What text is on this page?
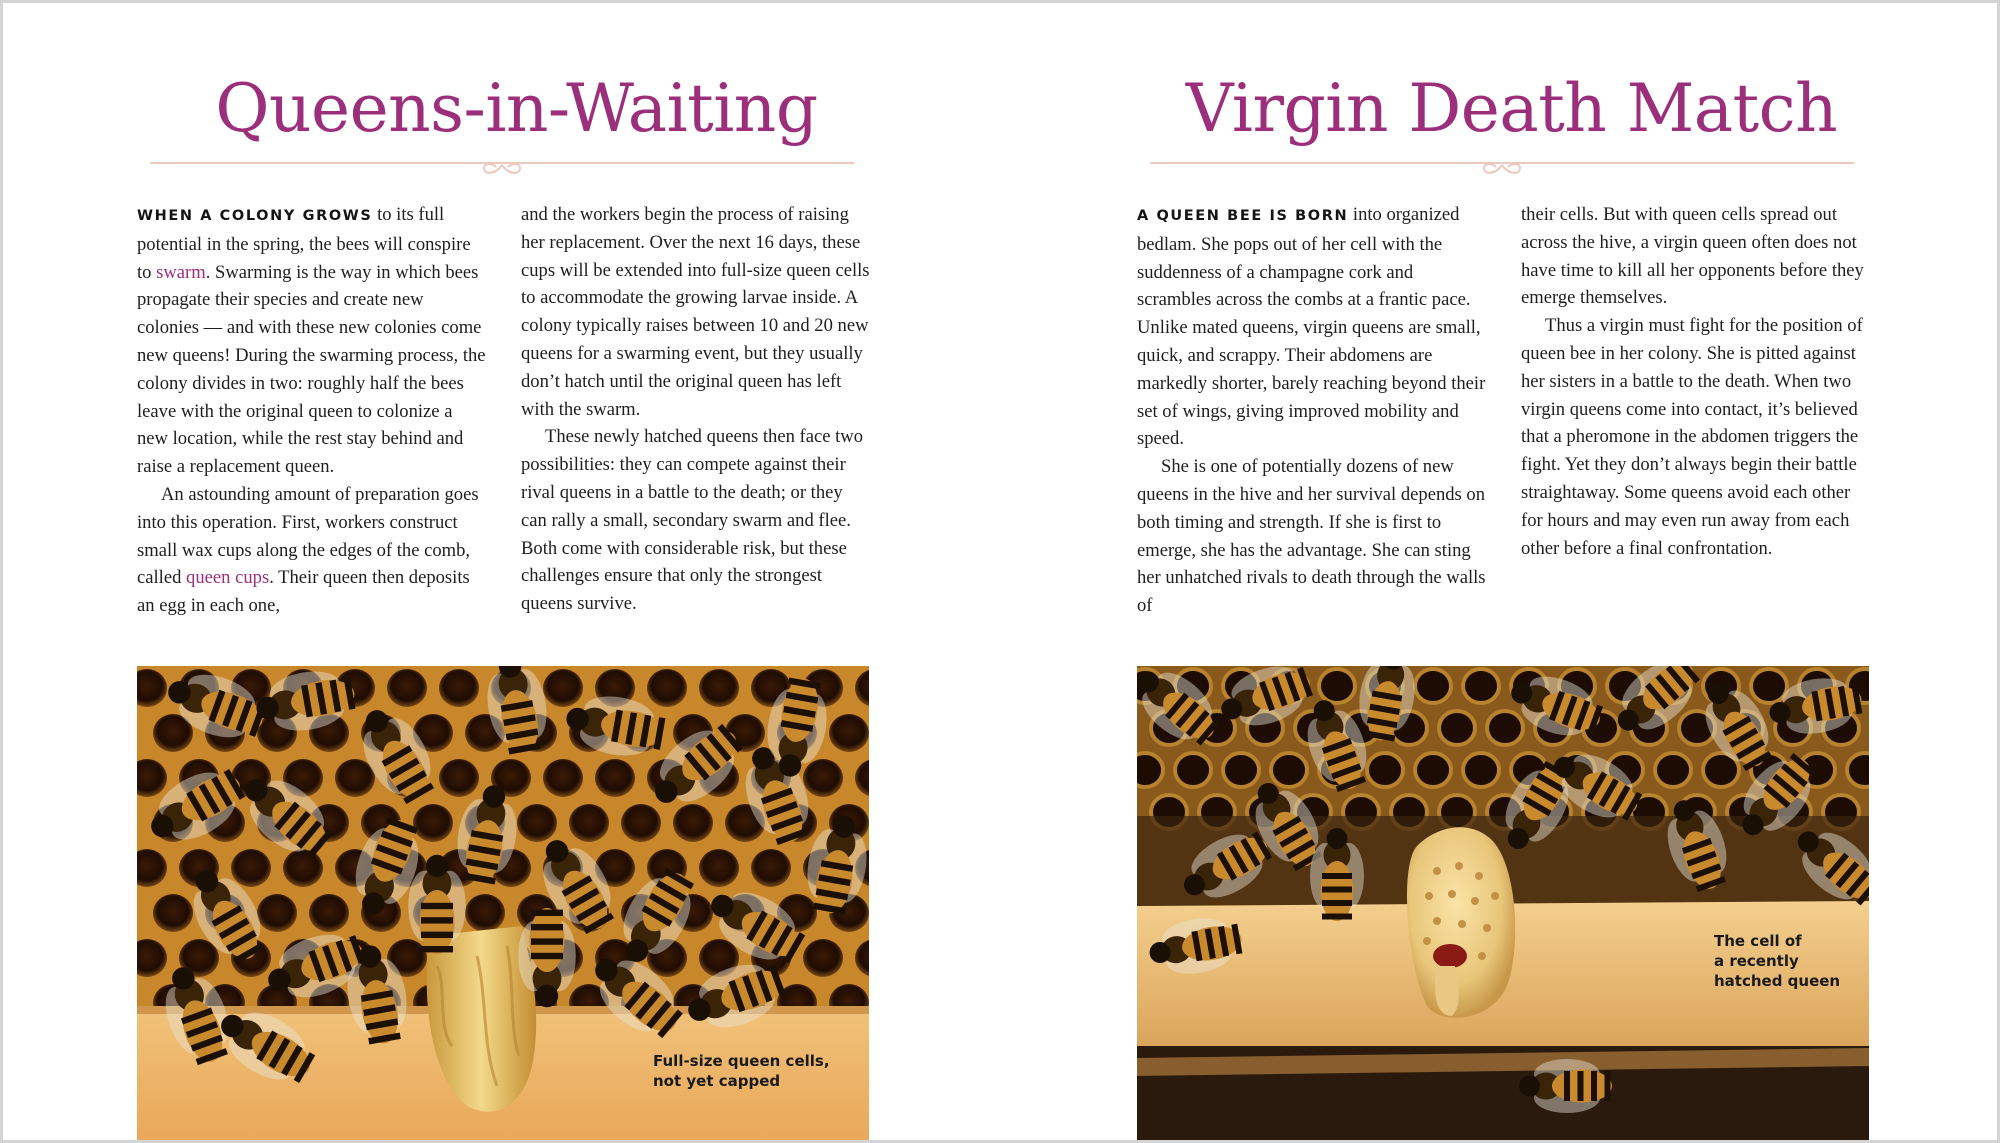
Queens-in-Waiting

WHEN A COLONY GROWS to its full potential in the spring, the bees will conspire to swarm. Swarming is the way in which bees propagate their species and create new colonies — and with these new colonies come new queens! During the swarming process, the colony divides in two: roughly half the bees leave with the original queen to colonize a new location, while the rest stay behind and raise a replacement queen.

An astounding amount of preparation goes into this operation. First, workers construct small wax cups along the edges of the comb, called queen cups. Their queen then deposits an egg in each one,

and the workers begin the process of raising her replacement. Over the next 16 days, these cups will be extended into full-size queen cells to accommodate the growing larvae inside. A colony typically raises between 10 and 20 new queens for a swarming event, but they usually don’t hatch until the original queen has left with the swarm.

These newly hatched queens then face two possibilities: they can compete against their rival queens in a battle to the death; or they can rally a small, secondary swarm and flee. Both come with considerable risk, but these challenges ensure that only the strongest queens survive.

Full-size queen cells,
not yet capped
Virgin Death Match

A QUEEN BEE IS BORN into organized bedlam. She pops out of her cell with the suddenness of a champagne cork and scrambles across the combs at a frantic pace. Unlike mated queens, virgin queens are small, quick, and scrappy. Their abdomens are markedly shorter, barely reaching beyond their set of wings, giving improved mobility and speed.

She is one of potentially dozens of new queens in the hive and her survival depends on both timing and strength. If she is first to emerge, she has the advantage. She can sting her unhatched rivals to death through the walls of

their cells. But with queen cells spread out across the hive, a virgin queen often does not have time to kill all her opponents before they emerge themselves.

Thus a virgin must fight for the position of queen bee in her colony. She is pitted against her sisters in a battle to the death. When two virgin queens come into contact, it’s believed that a pheromone in the abdomen triggers the fight. Yet they don’t always begin their battle straightaway. Some queens avoid each other for hours and may even run away from each other before a final confrontation.

The cell of
a recently
hatched queen
